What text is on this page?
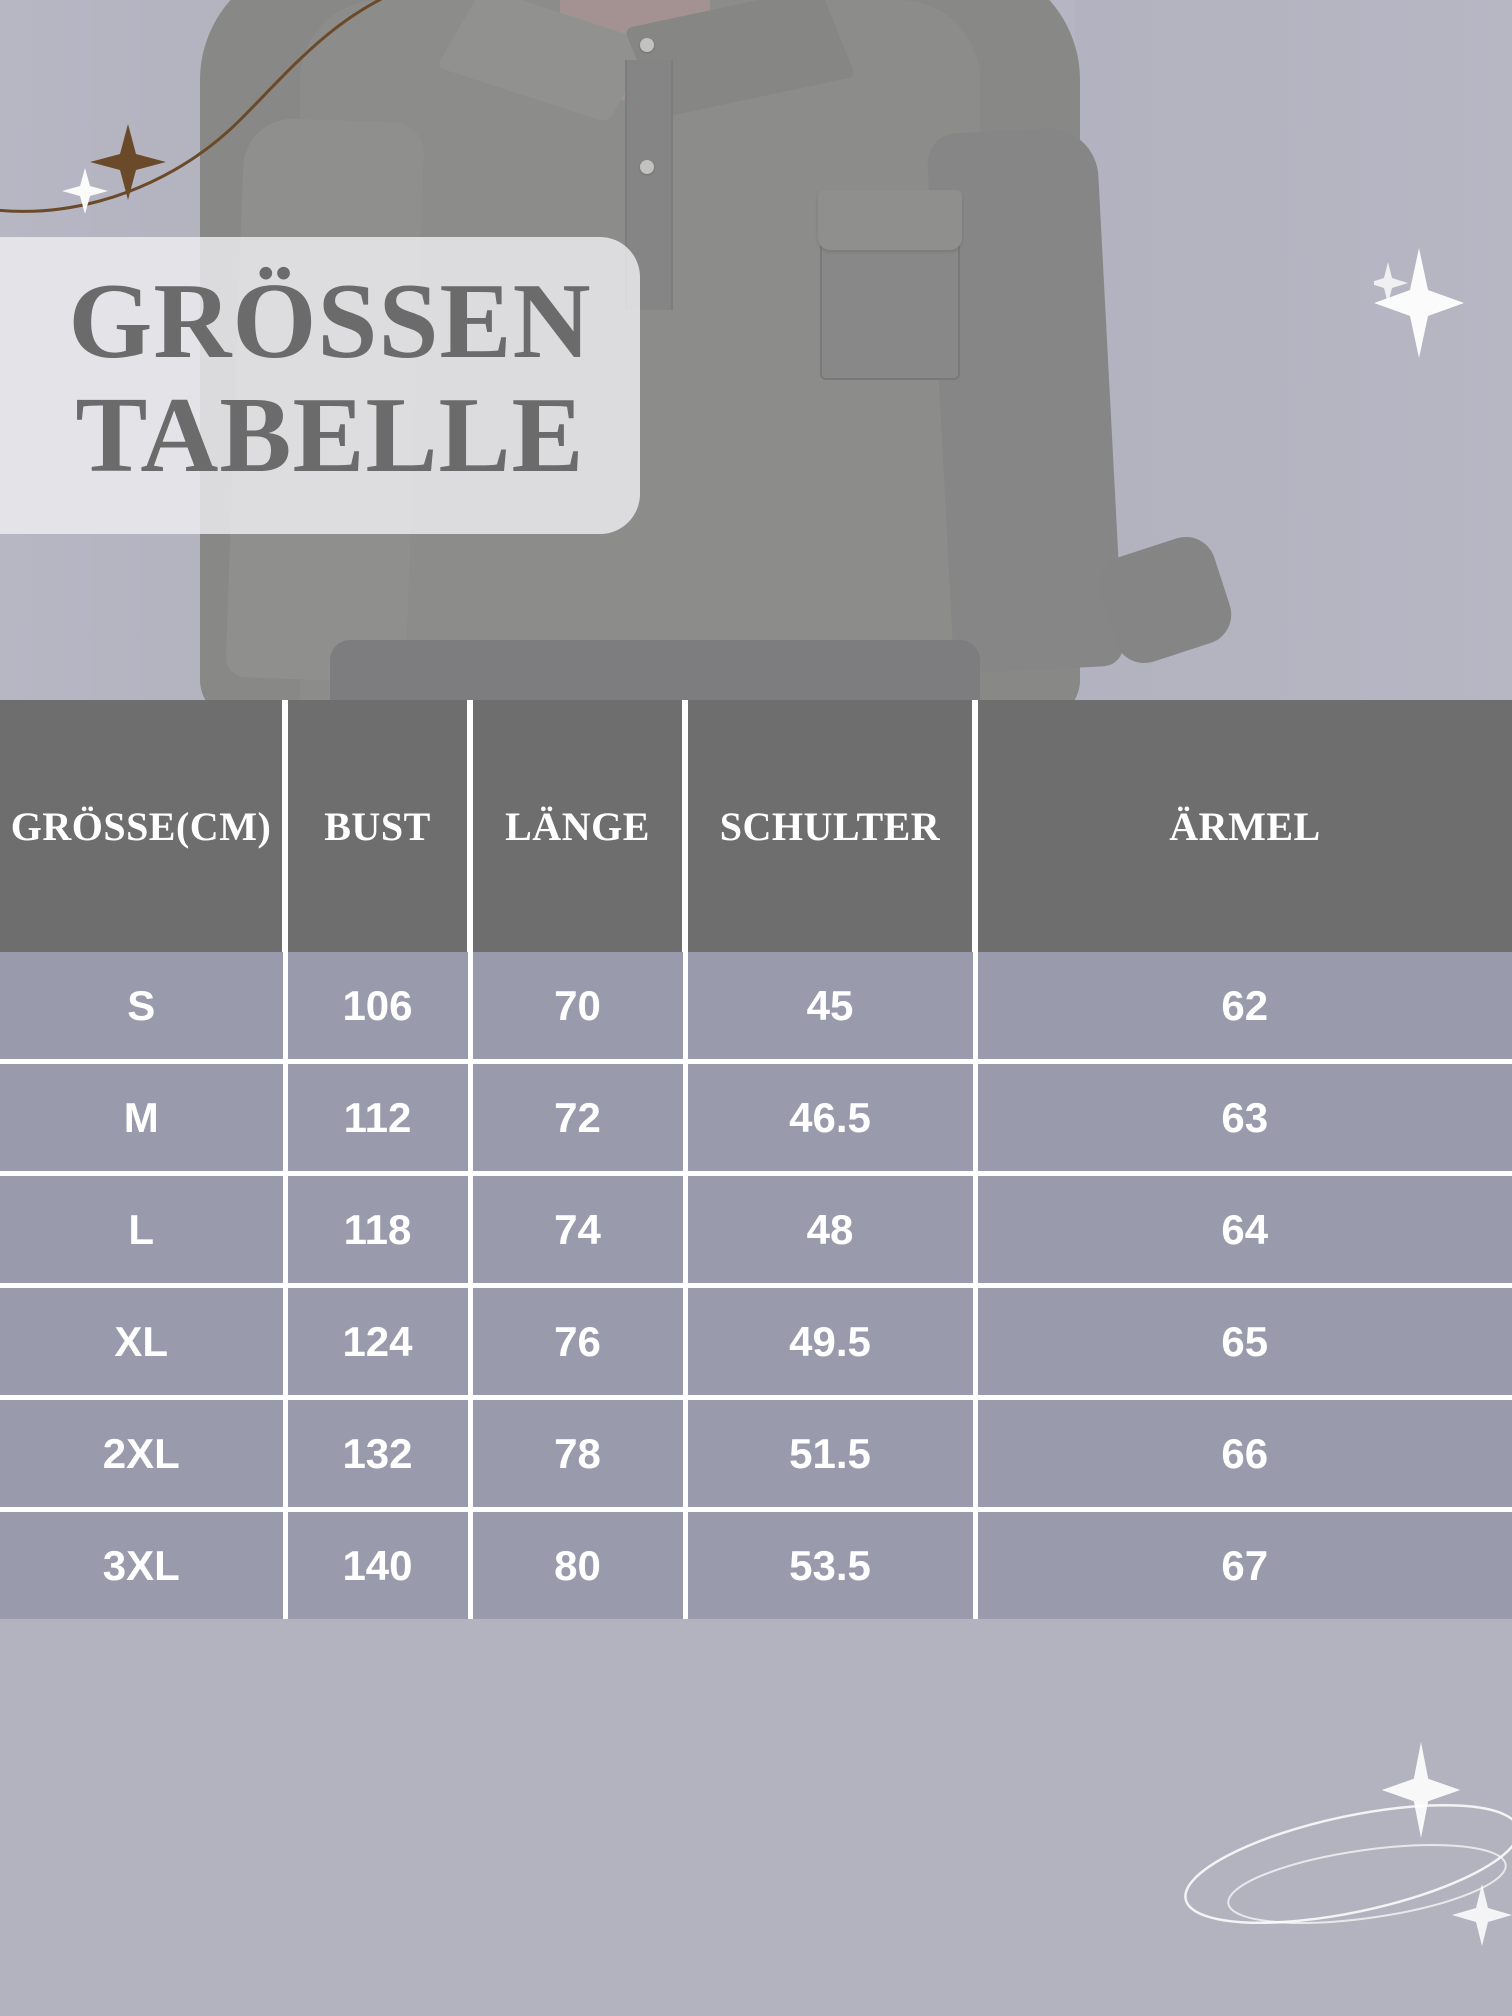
GRÖSSEN
TABELLE
GRÖSSE(CM)	BUST	LÄNGE	SCHULTER	ÄRMEL
S	106	70	45	62
M	112	72	46.5	63
L	118	74	48	64
XL	124	76	49.5	65
2XL	132	78	51.5	66
3XL	140	80	53.5	67
